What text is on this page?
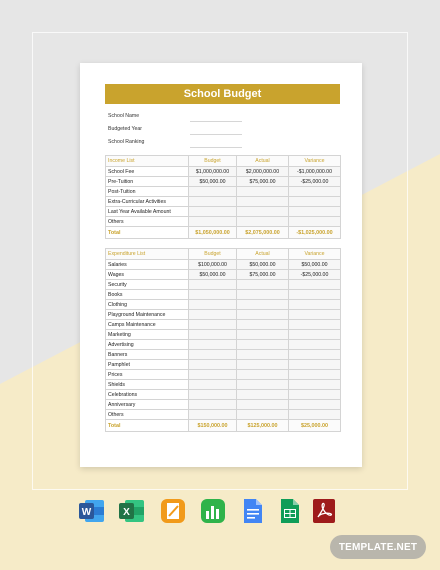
School Budget
School Name
Budgeted Year
School Ranking
Income List	Budget	Actual	Variance
School Fee	$1,000,000.00	$2,000,000.00	-$1,000,000.00
Pre-Tuition	$50,000.00	$75,000.00	-$25,000.00
Post-Tuition			
Extra-Curricular Activities			
Last Year Available Amount			
Others			
Total	$1,050,000.00	$2,075,000.00	-$1,025,000.00
Expenditure List	Budget	Actual	Variance
Salaries	$100,000.00	$50,000.00	$50,000.00
Wages	$50,000.00	$75,000.00	-$25,000.00
Security			
Books			
Clothing			
Playground Maintenance			
Camps Maintenance			
Marketing			
Advertising			
Banners			
Pamphlet			
Prices			
Shields			
Celebrations			
Anniversary			
Others			
Total	$150,000.00	$125,000.00	$25,000.00
W	X
TEMPLATE.NET
